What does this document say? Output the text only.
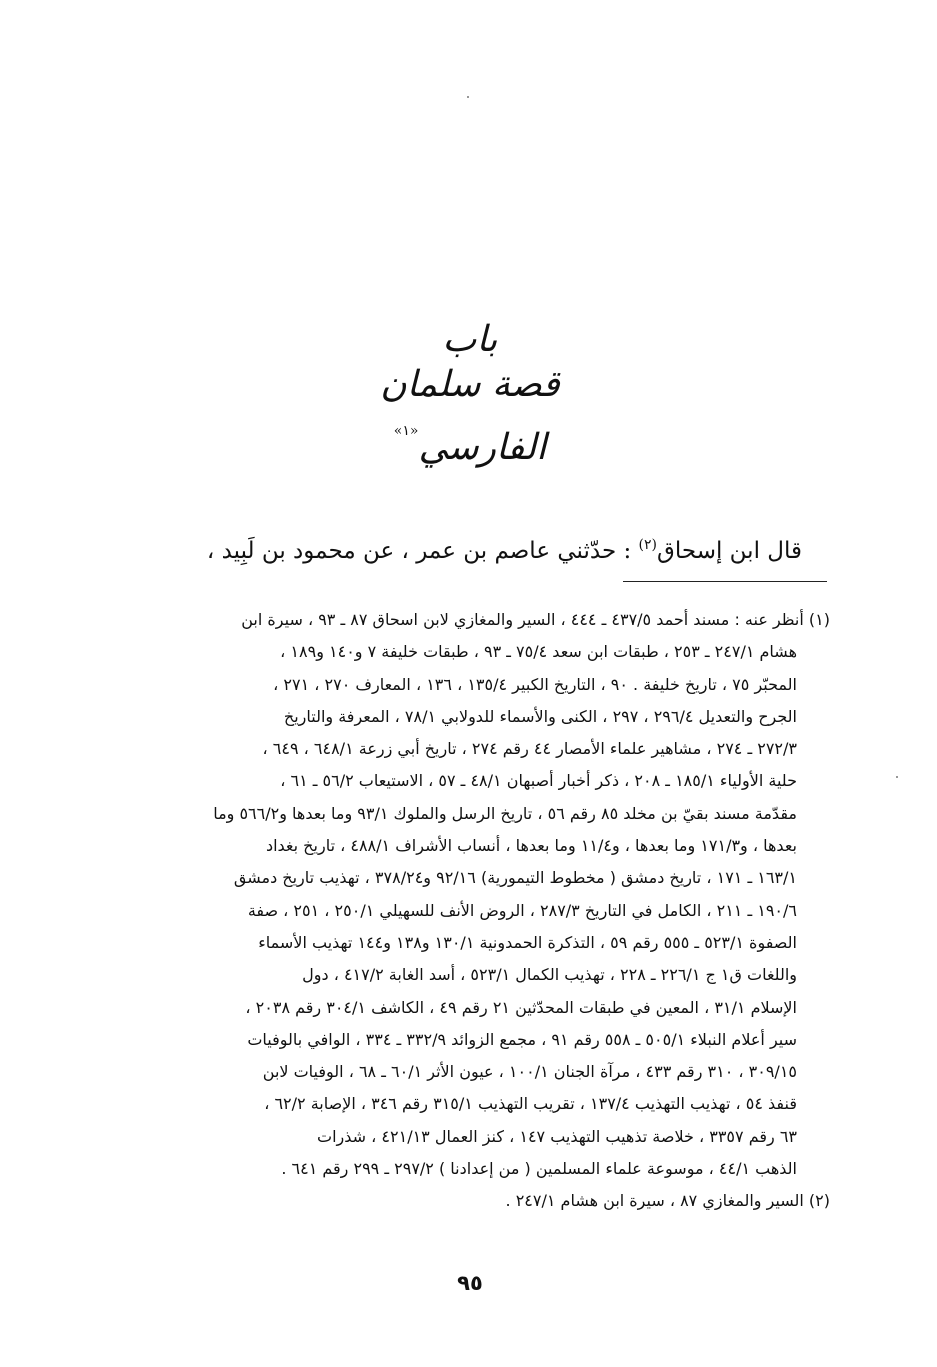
باب
قصة سلمان الفارسي$^{«١»}$
قال ابن إسحاق$^{(٢)}$ : حدّثني عاصم بن عمر ، عن محمود بن لَبِيد ،
(١) أنظر عنه : مسند أحمد ٤٣٧/٥ ـ ٤٤٤ ، السير والمغازي لابن اسحاق ٨٧ ـ ٩٣ ، سيرة ابن
هشام ٢٤٧/١ ـ ٢٥٣ ، طبقات ابن سعد ٧٥/٤ ـ ٩٣ ، طبقات خليفة ٧ و١٤٠ و١٨٩ ،
المحبّر ٧٥ ، تاريخ خليفة . ٩٠ ، التاريخ الكبير ١٣٥/٤ ، ١٣٦ ، المعارف ٢٧٠ ، ٢٧١ ،
الجرح والتعديل ٢٩٦/٤ ، ٢٩٧ ، الكنى والأسماء للدولابي ٧٨/١ ، المعرفة والتاريخ
٢٧٢/٣ ـ ٢٧٤ ، مشاهير علماء الأمصار ٤٤ رقم ٢٧٤ ، تاريخ أبي زرعة ٦٤٨/١ ، ٦٤٩ ،
حلية الأولياء ١٨٥/١ ـ ٢٠٨ ، ذكر أخبار أصبهان ٤٨/١ ـ ٥٧ ، الاستيعاب ٥٦/٢ ـ ٦١ ،
مقدّمة مسند بقيّ بن مخلد ٨٥ رقم ٥٦ ، تاريخ الرسل والملوك ٩٣/١ وما بعدها و٥٦٦/٢ وما
بعدها ، و١٧١/٣ وما بعدها ، و١١/٤ وما بعدها ، أنساب الأشراف ٤٨٨/١ ، تاريخ بغداد
١٦٣/١ ـ ١٧١ ، تاريخ دمشق ( مخطوط التيمورية) ٩٢/١٦ و٣٧٨/٢٤ ، تهذيب تاريخ دمشق
١٩٠/٦ ـ ٢١١ ، الكامل في التاريخ ٢٨٧/٣ ، الروض الأنف للسهيلي ٢٥٠/١ ، ٢٥١ ، صفة
الصفوة ٥٢٣/١ ـ ٥٥٥ رقم ٥٩ ، التذكرة الحمدونية ١٣٠/١ و١٣٨ و١٤٤ تهذيب الأسماء
واللغات ق١ ج ٢٢٦/١ ـ ٢٢٨ ، تهذيب الكمال ٥٢٣/١ ، أسد الغابة ٤١٧/٢ ، دول
الإسلام ٣١/١ ، المعين في طبقات المحدّثين ٢١ رقم ٤٩ ، الكاشف ٣٠٤/١ رقم ٢٠٣٨ ،
سير أعلام النبلاء ٥٠٥/١ ـ ٥٥٨ رقم ٩١ ، مجمع الزوائد ٣٣٢/٩ ـ ٣٣٤ ، الوافي بالوفيات
٣٠٩/١٥ ، ٣١٠ رقم ٤٣٣ ، مرآة الجنان ١٠٠/١ ، عيون الأثر ٦٠/١ ـ ٦٨ ، الوفيات لابن
قنفذ ٥٤ ، تهذيب التهذيب ١٣٧/٤ ، تقريب التهذيب ٣١٥/١ رقم ٣٤٦ ، الإصابة ٦٢/٢ ،
٦٣ رقم ٣٣٥٧ ، خلاصة تذهيب التهذيب ١٤٧ ، كنز العمال ٤٢١/١٣ ، شذرات
الذهب ٤٤/١ ، موسوعة علماء المسلمين ( من إعدادنا ) ٢٩٧/٢ ـ ٢٩٩ رقم ٦٤١ .
(٢) السير والمغازي ٨٧ ، سيرة ابن هشام ٢٤٧/١ .
٩٥
